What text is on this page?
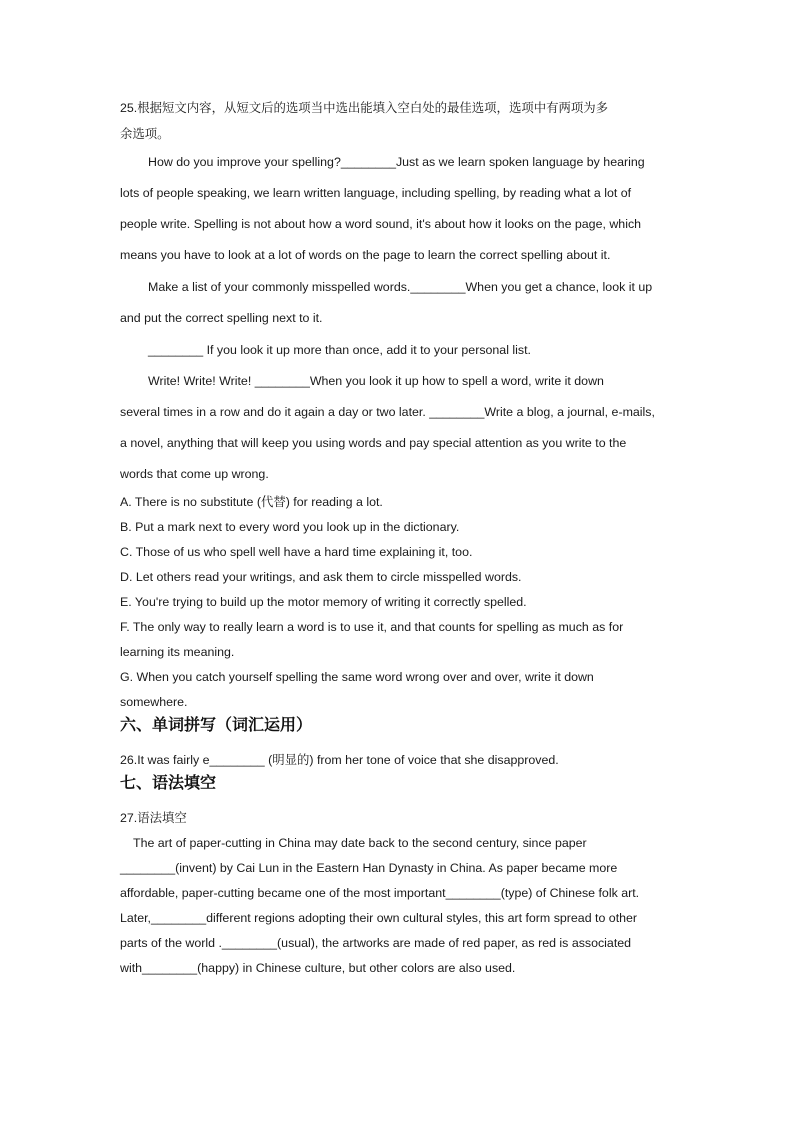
25.根据短文内容，从短文后的选项当中选出能填入空白处的最佳选项，选项中有两项为多
余选项。
How do you improve your spelling?________Just as we learn spoken language by hearing
lots of people speaking, we learn written language, including spelling, by reading what a lot of
people write. Spelling is not about how a word sound, it's about how it looks on the page, which
means you have to look at a lot of words on the page to learn the correct spelling about it.
Make a list of your commonly misspelled words.________When you get a chance, look it up
and put the correct spelling next to it.
________ If you look it up more than once, add it to your personal list.
Write! Write! Write! ________When you look it up how to spell a word, write it down
several times in a row and do it again a day or two later. ________Write a blog, a journal, e-mails,
a novel, anything that will keep you using words and pay special attention as you write to the
words that come up wrong.
A. There is no substitute (代替) for reading a lot.
B. Put a mark next to every word you look up in the dictionary.
C. Those of us who spell well have a hard time explaining it, too.
D. Let others read your writings, and ask them to circle misspelled words.
E. You're trying to build up the motor memory of writing it correctly spelled.
F. The only way to really learn a word is to use it, and that counts for spelling as much as for
learning its meaning.
G. When you catch yourself spelling the same word wrong over and over, write it down
somewhere.
六、单词拼写（词汇运用）
26.It was fairly e________ (明显的) from her tone of voice that she disapproved.
七、语法填空
27.语法填空
The art of paper-cutting in China may date back to the second century, since paper
________(invent) by Cai Lun in the Eastern Han Dynasty in China. As paper became more
affordable, paper-cutting became one of the most important________(type) of Chinese folk art.
Later,________different regions adopting their own cultural styles, this art form spread to other
parts of the world .________(usual), the artworks are made of red paper, as red is associated
with________(happy) in Chinese culture, but other colors are also used.
